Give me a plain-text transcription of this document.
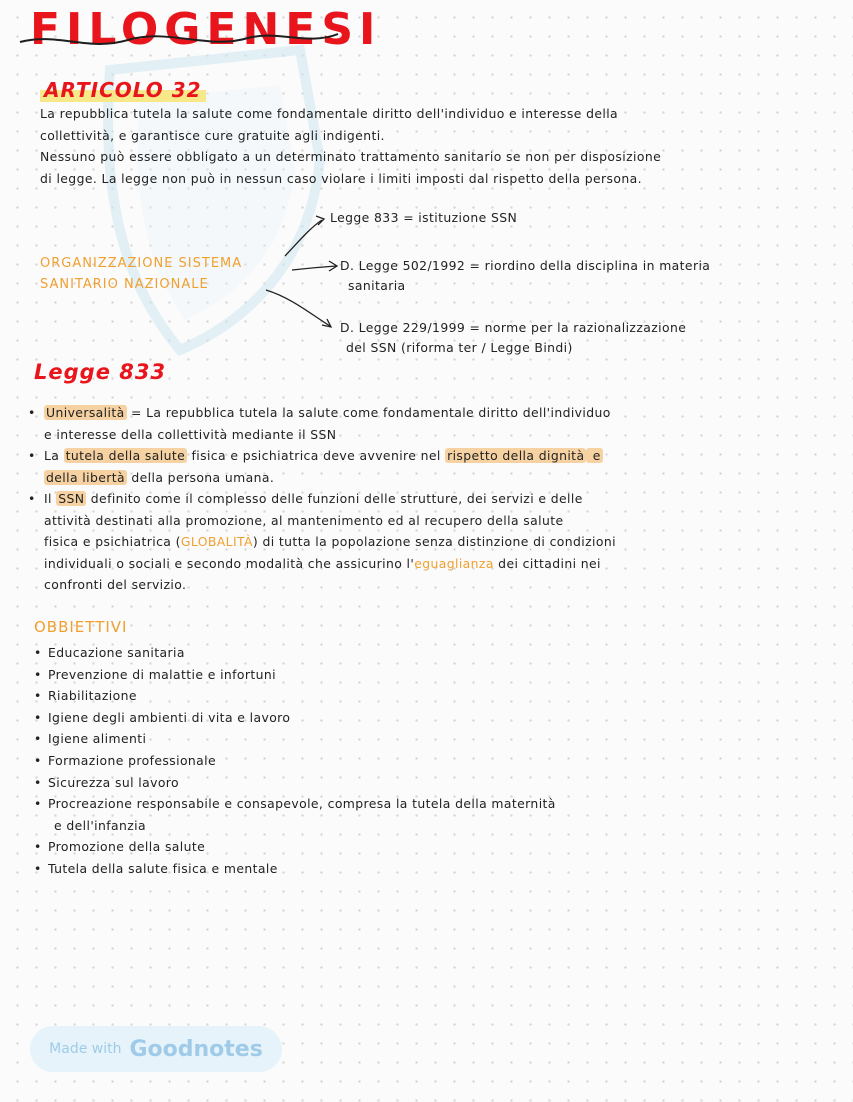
FILOGENESI
ARTICOLO 32
La repubblica tutela la salute come fondamentale diritto dell'individuo e interesse della
collettività, e garantisce cure gratuite agli indigenti.
Nessuno può essere obbligato a un determinato trattamento sanitario se non per disposizione
di legge. La legge non può in nessun caso violare i limiti imposti dal rispetto della persona.
ORGANIZZAZIONE SISTEMA
SANITARIO NAZIONALE
Legge 833 = istituzione SSN
D. Legge 502/1992 = riordino della disciplina in materia
sanitaria
D. Legge 229/1999 = norme per la razionalizzazione
del SSN (riforma ter / Legge Bindi)
Legge 833
• Universalità = La repubblica tutela la salute come fondamentale diritto dell'individuo
e interesse della collettività mediante il SSN
• La tutela della salute fisica e psichiatrica deve avvenire nel rispetto della dignità e
della libertà della persona umana.
• Il SSN definito come il complesso delle funzioni delle strutture, dei servizi e delle
attività destinati alla promozione, al mantenimento ed al recupero della salute
fisica e psichiatrica (GLOBALITÀ) di tutta la popolazione senza distinzione di condizioni
individuali o sociali e secondo modalità che assicurino l'eguaglianza dei cittadini nei
confronti del servizio.
OBBIETTIVI
• Educazione sanitaria
• Prevenzione di malattie e infortuni
• Riabilitazione
• Igiene degli ambienti di vita e lavoro
• Igiene alimenti
• Formazione professionale
• Sicurezza sul lavoro
• Procreazione responsabile e consapevole, compresa la tutela della maternità
e dell'infanzia
• Promozione della salute
• Tutela della salute fisica e mentale
Made with Goodnotes
